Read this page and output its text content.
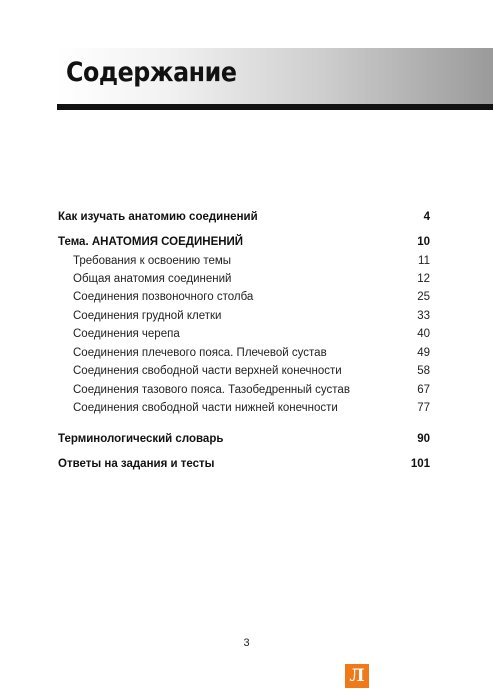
Содержание
Как изучать анатомию соединений	4
Тема. АНАТОМИЯ СОЕДИНЕНИЙ	10
Требования к освоению темы	11
Общая анатомия соединений	12
Соединения позвоночного столба	25
Соединения грудной клетки	33
Соединения черепа	40
Соединения плечевого пояса. Плечевой сустав	49
Соединения свободной части верхней конечности	58
Соединения тазового пояса. Тазобедренный сустав	67
Соединения свободной части нижней конечности	77
Терминологический словарь	90
Ответы на задания и тесты	101
3
Л
